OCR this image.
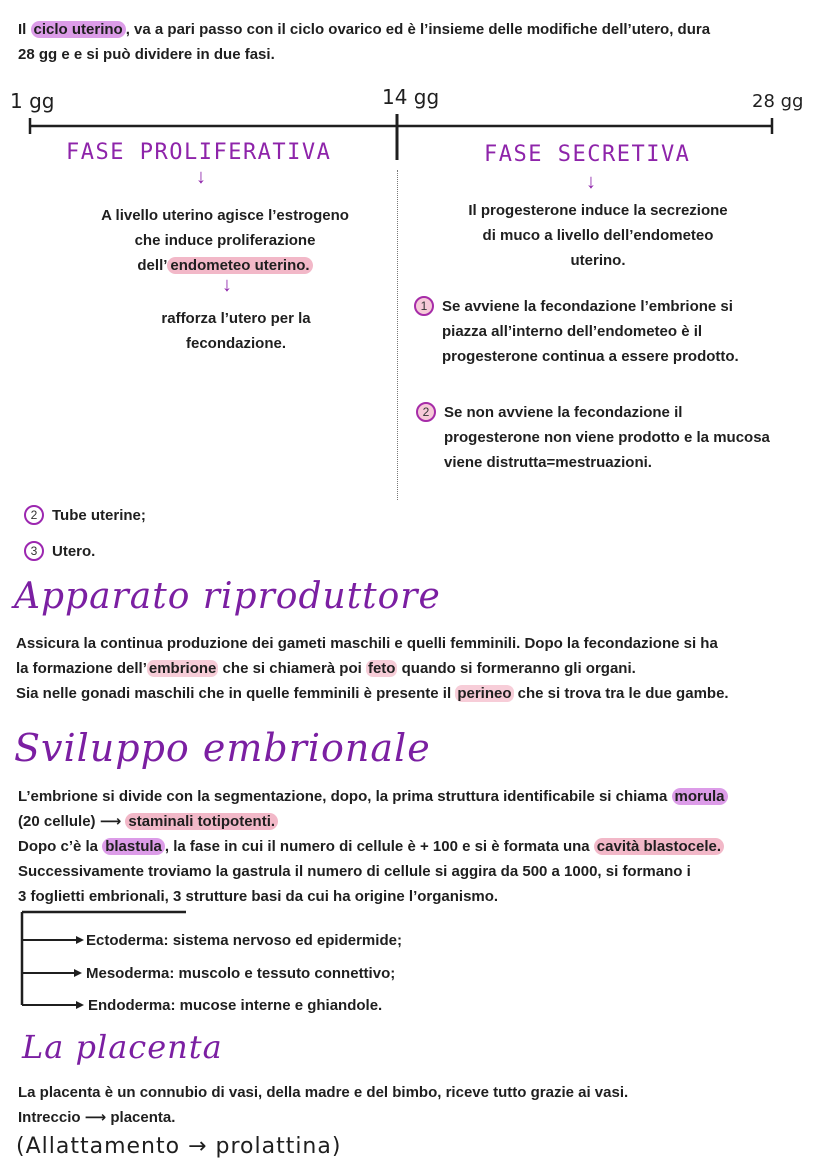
Il ciclo uterino , va a pari passo con il ciclo ovarico ed è l’insieme delle modifiche dell’utero, dura
28 gg e e si può dividere in due fasi.
1 gg	14 gg	28 gg
FASE PROLIFERATIVA
↓
A livello uterino agisce l’estrogeno
che induce proliferazione
dell’ endometeo uterino.
↓
rafforza l’utero per la
fecondazione.
FASE SECRETIVA
↓
Il progesterone induce la secrezione
di muco a livello dell’endometeo
uterino.
1 Se avviene la fecondazione l’embrione si
piazza all’interno dell’endometeo è il
progesterone continua a essere prodotto.
2 Se non avviene la fecondazione il
progesterone non viene prodotto e la mucosa
viene distrutta=mestruazioni.
2 Tube uterine;
3 Utero.
Apparato riproduttore
Assicura la continua produzione dei gameti maschili e quelli femminili. Dopo la fecondazione si ha
la formazione dell’ embrione che si chiamerà poi feto quando si formeranno gli organi.
Sia nelle gonadi maschili che in quelle femminili è presente il perineo che si trova tra le due gambe.
Sviluppo embrionale
L’embrione si divide con la segmentazione, dopo, la prima struttura identificabile si chiama morula
(20 cellule) ⟶ staminali totipotenti.
Dopo c’è la blastula , la fase in cui il numero di cellule è + 100 e si è formata una cavità blastocele.
Successivamente troviamo la gastrula il numero di cellule si aggira da 500 a 1000, si formano i
3 foglietti embrionali, 3 strutture basi da cui ha origine l’organismo.
Ectoderma: sistema nervoso ed epidermide;
Mesoderma: muscolo e tessuto connettivo;
Endoderma: mucose interne e ghiandole.
La placenta
La placenta è un connubio di vasi, della madre e del bimbo, riceve tutto grazie ai vasi.
Intreccio ⟶ placenta.
(Allattamento → prolattina)
